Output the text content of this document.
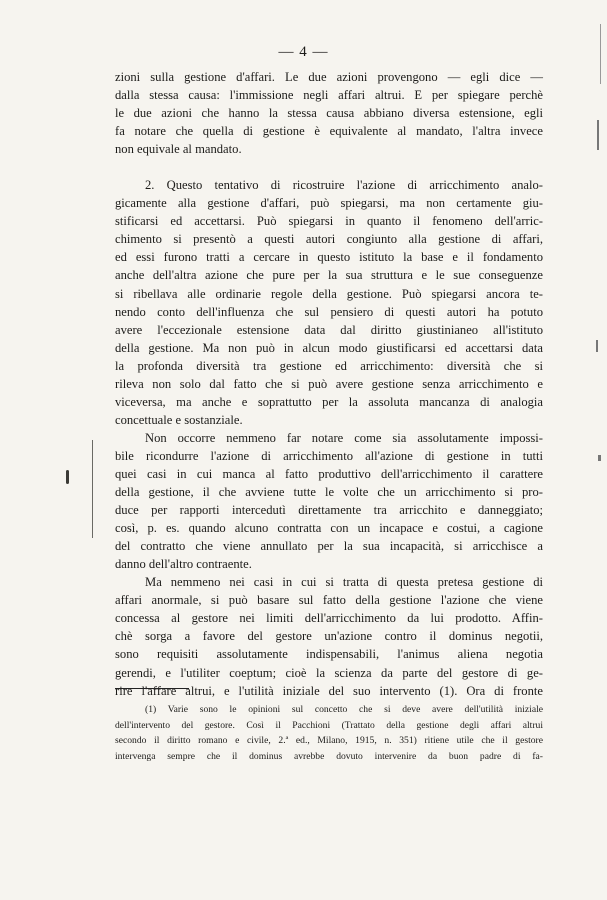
— 4 —
zioni sulla gestione d'affari. Le due azioni provengono — egli dice —
dalla stessa causa: l'immissione negli affari altrui. E per spiegare perchè
le due azioni che hanno la stessa causa abbiano diversa estensione, egli
fa notare che quella di gestione è equivalente al mandato, l'altra invece
non equivale al mandato.
2. Questo tentativo di ricostruire l'azione di arricchimento analo-
gicamente alla gestione d'affari, può spiegarsi, ma non certamente giu-
stificarsi ed accettarsi. Può spiegarsi in quanto il fenomeno dell'arric-
chimento si presentò a questi autori congiunto alla gestione di affari,
ed essi furono tratti a cercare in questo istituto la base e il fondamento
anche dell'altra azione che pure per la sua struttura e le sue conseguenze
si ribellava alle ordinarie regole della gestione. Può spiegarsi ancora te-
nendo conto dell'influenza che sul pensiero di questi autori ha potuto
avere l'eccezionale estensione data dal diritto giustinianeo all'istituto
della gestione. Ma non può in alcun modo giustificarsi ed accettarsi data
la profonda diversità tra gestione ed arricchimento: diversità che si
rileva non solo dal fatto che si può avere gestione senza arricchimento e
viceversa, ma anche e soprattutto per la assoluta mancanza di analogia
concettuale e sostanziale.
Non occorre nemmeno far notare come sia assolutamente impossi-
bile ricondurre l'azione di arricchimento all'azione di gestione in tutti
quei casi in cui manca al fatto produttivo dell'arricchimento il carattere
della gestione, il che avviene tutte le volte che un arricchimento si pro-
duce per rapporti intercedutì direttamente tra arricchito e danneggiato;
così, p. es. quando alcuno contratta con un incapace e costui, a cagione
del contratto che viene annullato per la sua incapacità, si arricchisce a
danno dell'altro contraente.
Ma nemmeno nei casi in cui si tratta di questa pretesa gestione di
affari anormale, si può basare sul fatto della gestione l'azione che viene
concessa al gestore nei limiti dell'arricchimento da lui prodotto. Affin-
chè sorga a favore del gestore un'azione contro il dominus negotii,
sono requisiti assolutamente indispensabili, l'animus aliena negotia
gerendi, e l'utiliter coeptum; cioè la scienza da parte del gestore di ge-
rire l'affare altrui, e l'utilità iniziale del suo intervento (1). Ora di fronte
(1) Varie sono le opinioni sul concetto che si deve avere dell'utilità iniziale
dell'intervento del gestore. Così il Pacchioni (Trattato della gestione degli affari altrui
secondo il diritto romano e civile, 2.ª ed., Milano, 1915, n. 351) ritiene utile che il gestore
intervenga sempre che il dominus avrebbe dovuto intervenire da buon padre di fa-
